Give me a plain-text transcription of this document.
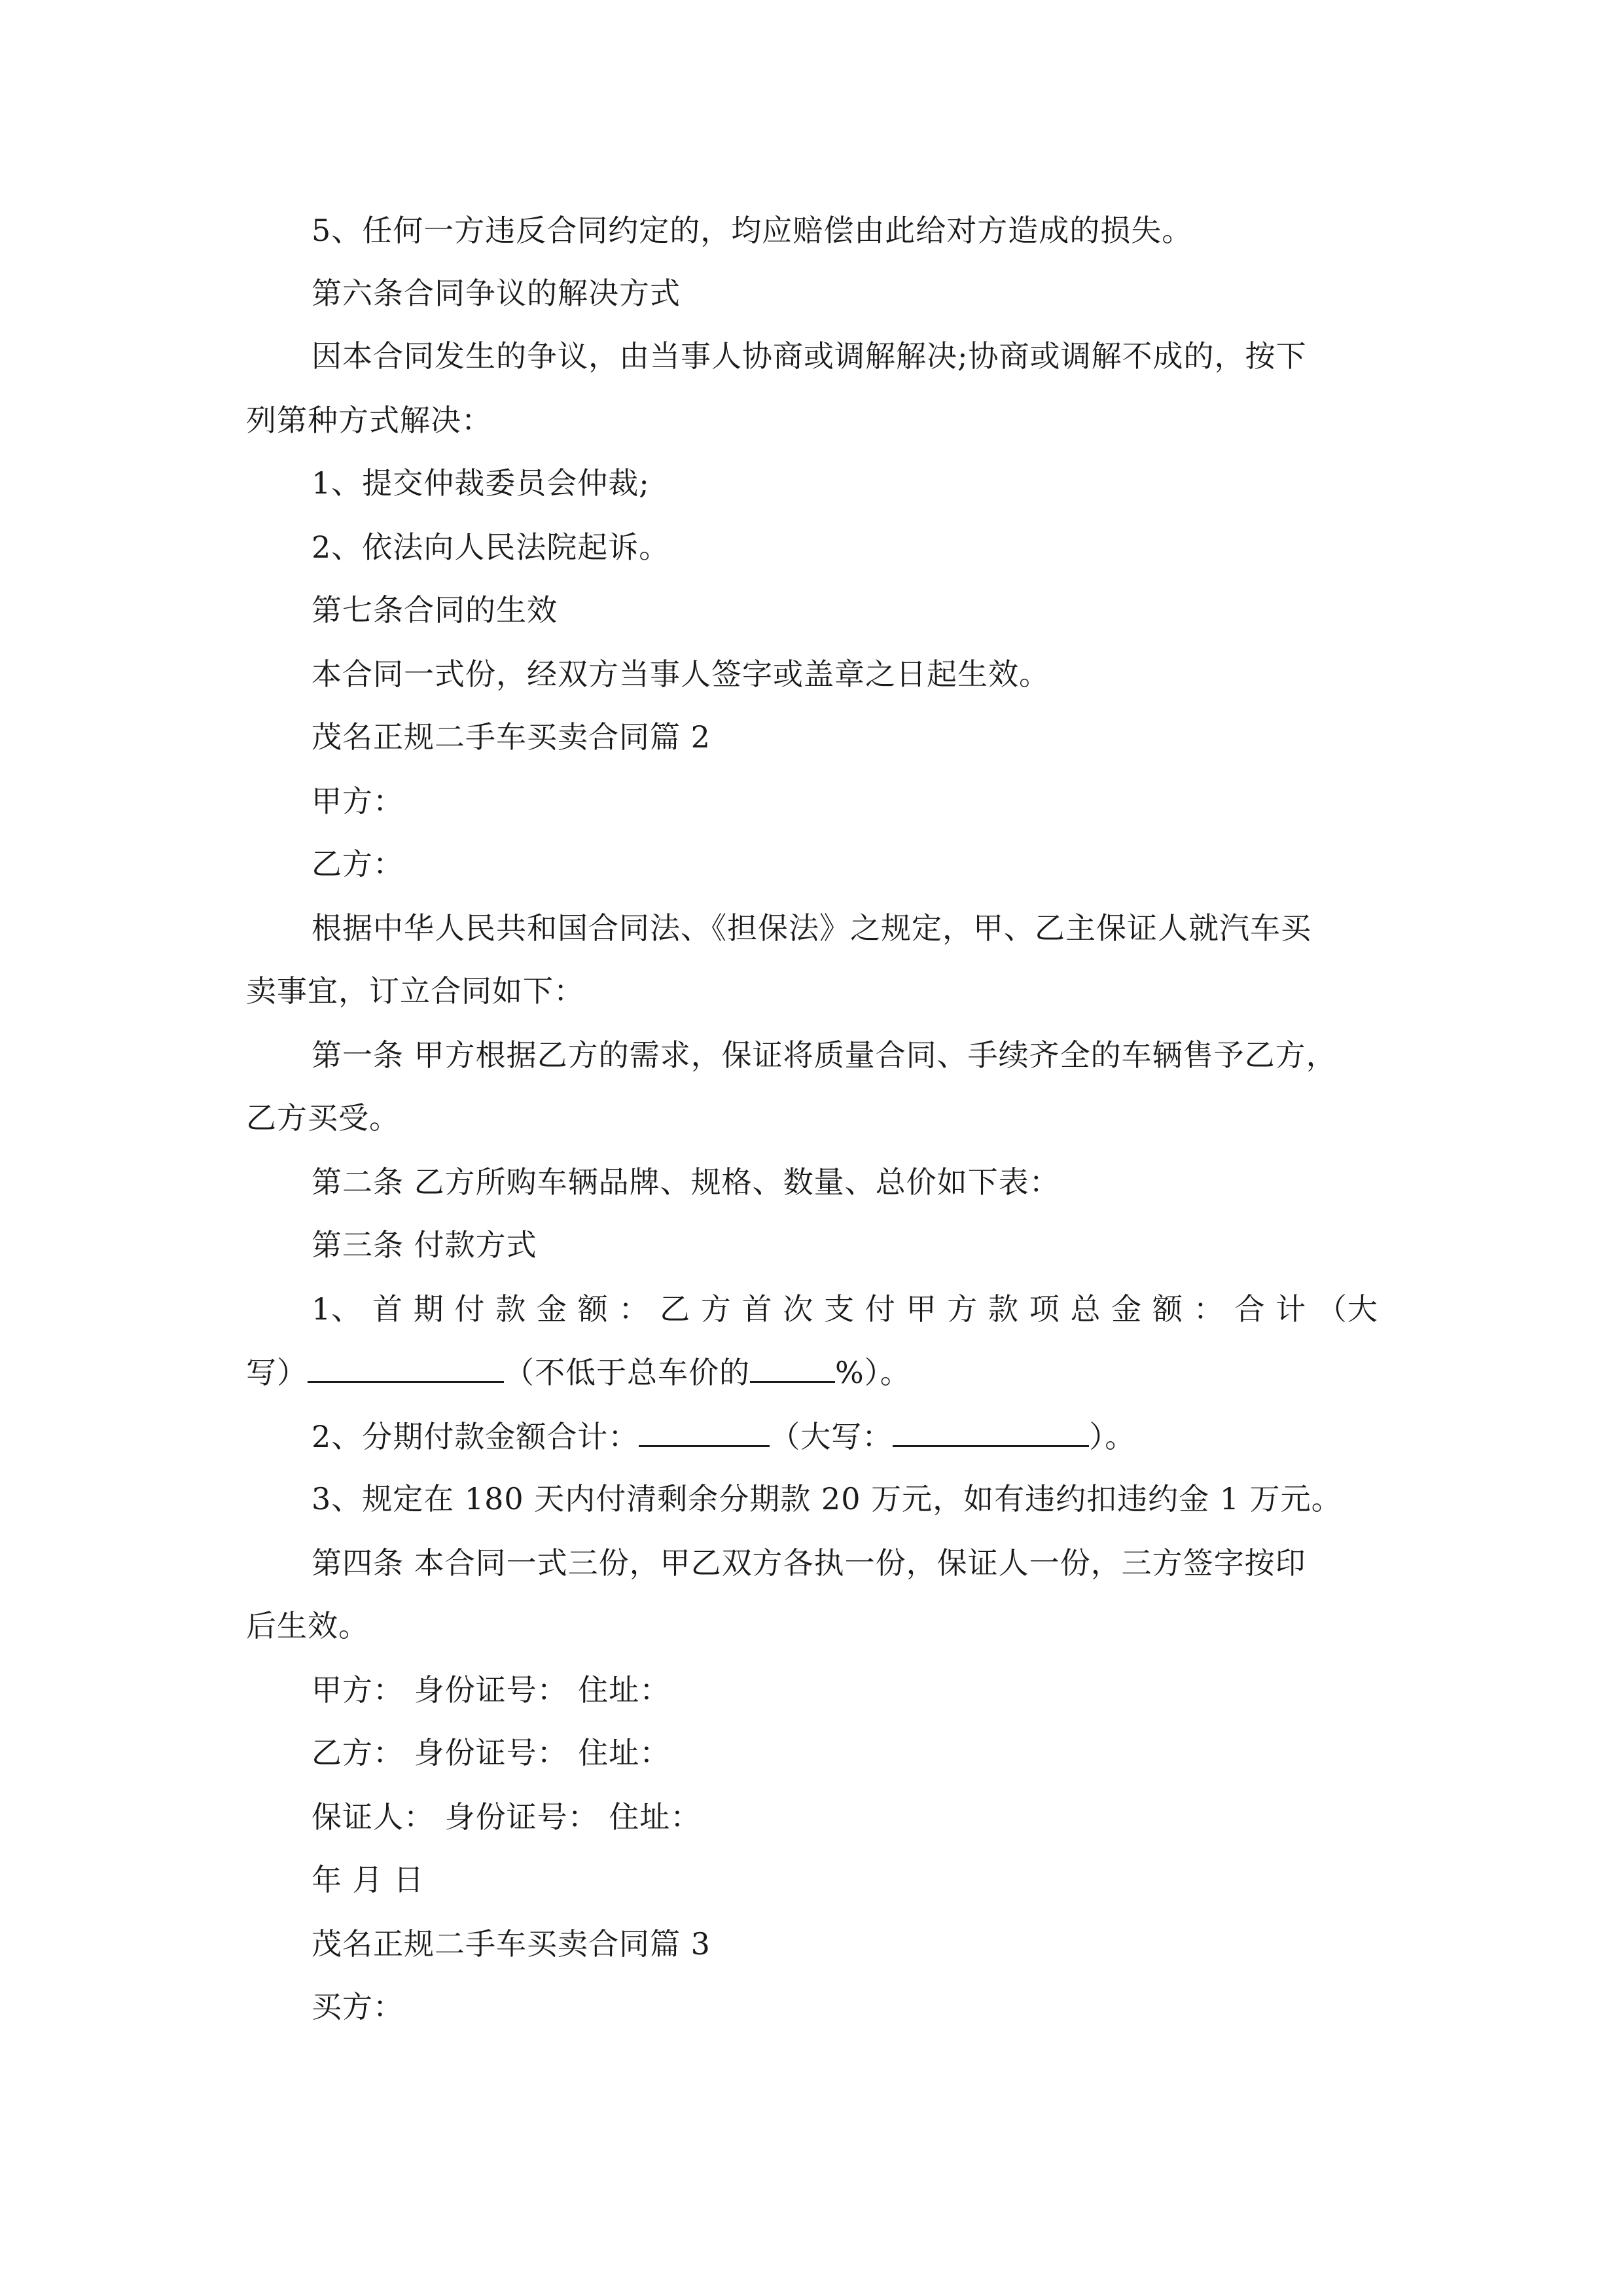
5、任何一方违反合同约定的，均应赔偿由此给对方造成的损失。
第六条合同争议的解决方式
因本合同发生的争议，由当事人协商或调解解决;协商或调解不成的，按下
列第种方式解决：
1、提交仲裁委员会仲裁;
2、依法向人民法院起诉。
第七条合同的生效
本合同一式份，经双方当事人签字或盖章之日起生效。
茂名正规二手车买卖合同篇 2
甲方：
乙方：
根据中华人民共和国合同法、《担保法》之规定，甲、乙主保证人就汽车买
卖事宜，订立合同如下：
第一条 甲方根据乙方的需求，保证将质量合同、手续齐全的车辆售予乙方，
乙方买受。
第二条 乙方所购车辆品牌、规格、数量、总价如下表：
第三条 付款方式
1、 首 期 付 款 金 额 ： 乙 方 首 次 支 付 甲 方 款 项 总 金 额 ： 合 计 （大
写）	（不低于总车价的	%）。
2、分期付款金额合计：	（大写：	）。
3、规定在 180 天内付清剩余分期款 20 万元，如有违约扣违约金 1 万元。
第四条 本合同一式三份，甲乙双方各执一份，保证人一份，三方签字按印
后生效。
甲方： 身份证号： 住址：
乙方： 身份证号： 住址：
保证人： 身份证号： 住址：
年 月 日
茂名正规二手车买卖合同篇 3
买方：
